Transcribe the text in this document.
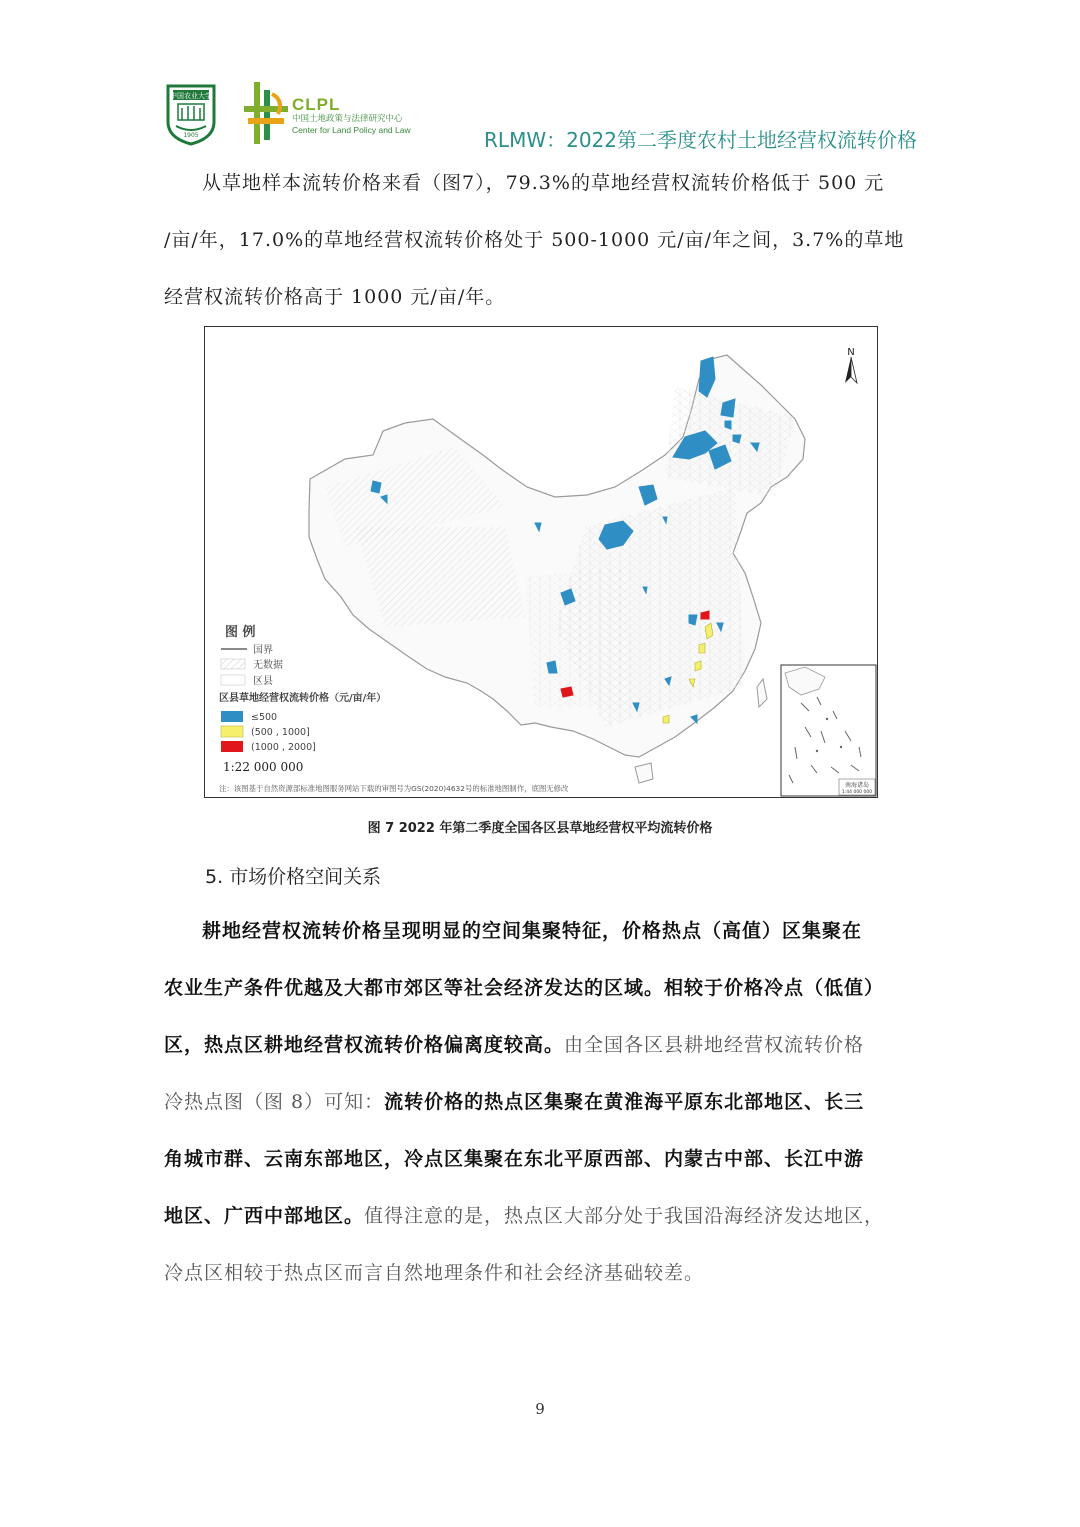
中国农业大学
1905
CLPL
中国土地政策与法律研究中心
Center for Land Policy and Law	RLMW：2022第二季度农村土地经营权流转价格
从草地样本流转价格来看（图7），79.3%的草地经营权流转价格低于 500 元
/亩/年，17.0%的草地经营权流转价格处于 500-1000 元/亩/年之间，3.7%的草地
经营权流转价格高于 1000 元/亩/年。
N
图 例
国界
无数据
区县
区县草地经营权流转价格（元/亩/年）
≤500
(500 , 1000]
(1000 , 2000]
1:22 000 000
注：该图基于自然资源部标准地图服务网站下载的审图号为GS(2020)4632号的标准地图制作，底图无修改	南海诸岛
1:44 000 000
图 7 2022 年第二季度全国各区县草地经营权平均流转价格
5. 市场价格空间关系
耕地经营权流转价格呈现明显的空间集聚特征，价格热点（高值）区集聚在
农业生产条件优越及大都市郊区等社会经济发达的区域。相较于价格冷点（低值）
区，热点区耕地经营权流转价格偏离度较高。由全国各区县耕地经营权流转价格
冷热点图（图 8）可知：流转价格的热点区集聚在黄淮海平原东北部地区、长三
角城市群、云南东部地区，冷点区集聚在东北平原西部、内蒙古中部、长江中游
地区、广西中部地区。值得注意的是，热点区大部分处于我国沿海经济发达地区，
冷点区相较于热点区而言自然地理条件和社会经济基础较差。
9
